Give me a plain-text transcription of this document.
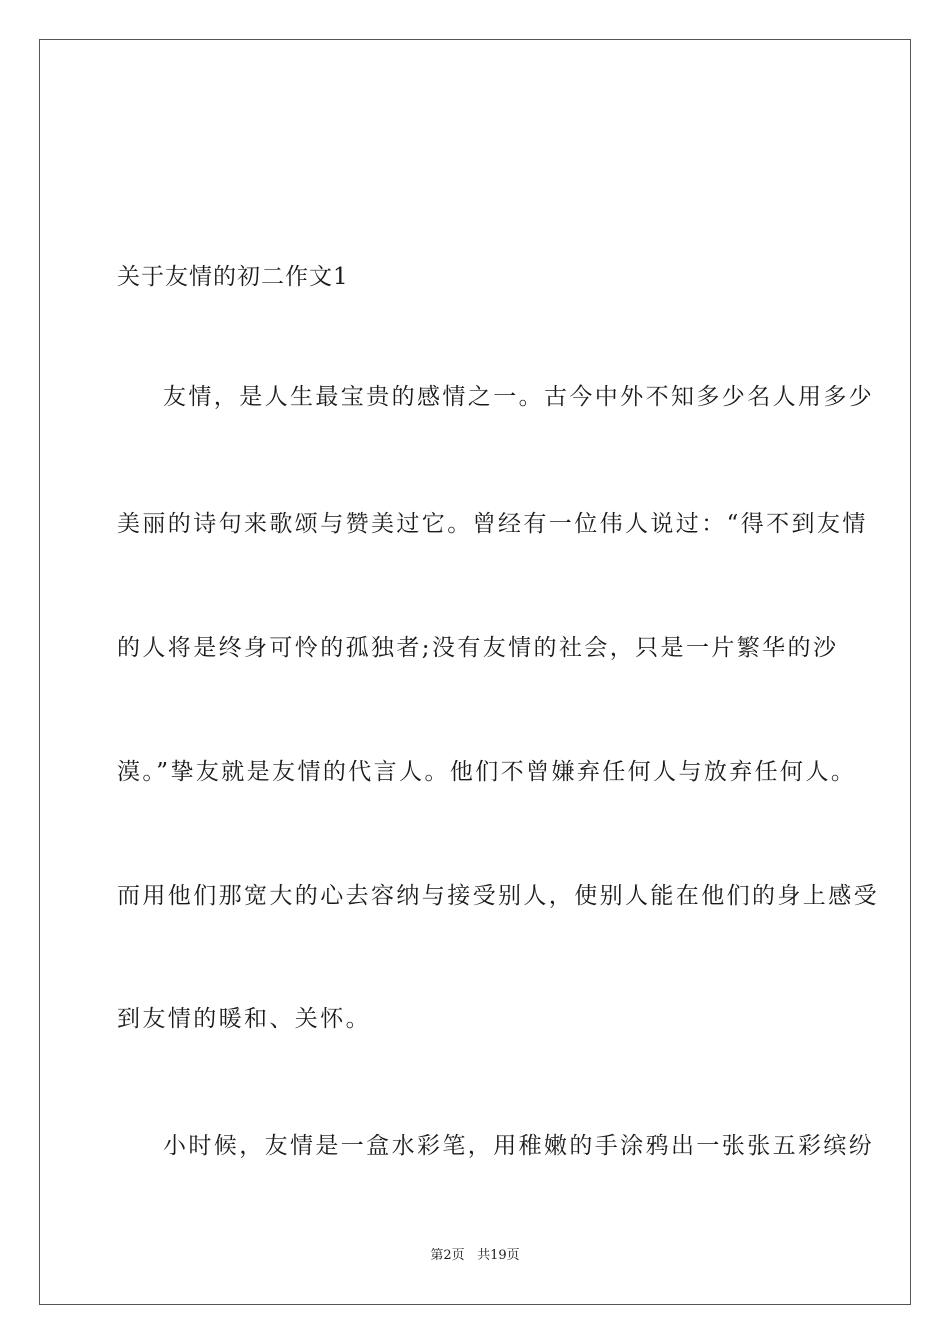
关于友情的初二作文1
友情，是人生最宝贵的感情之一。古今中外不知多少名人用多少
美丽的诗句来歌颂与赞美过它。曾经有一位伟人说过：“得不到友情
的人将是终身可怜的孤独者;没有友情的社会，只是一片繁华的沙
漠。”挚友就是友情的代言人。他们不曾嫌弃任何人与放弃任何人。
而用他们那宽大的心去容纳与接受别人，使别人能在他们的身上感受
到友情的暖和、关怀。
小时候，友情是一盒水彩笔，用稚嫩的手涂鸦出一张张五彩缤纷
第2页 共19页
